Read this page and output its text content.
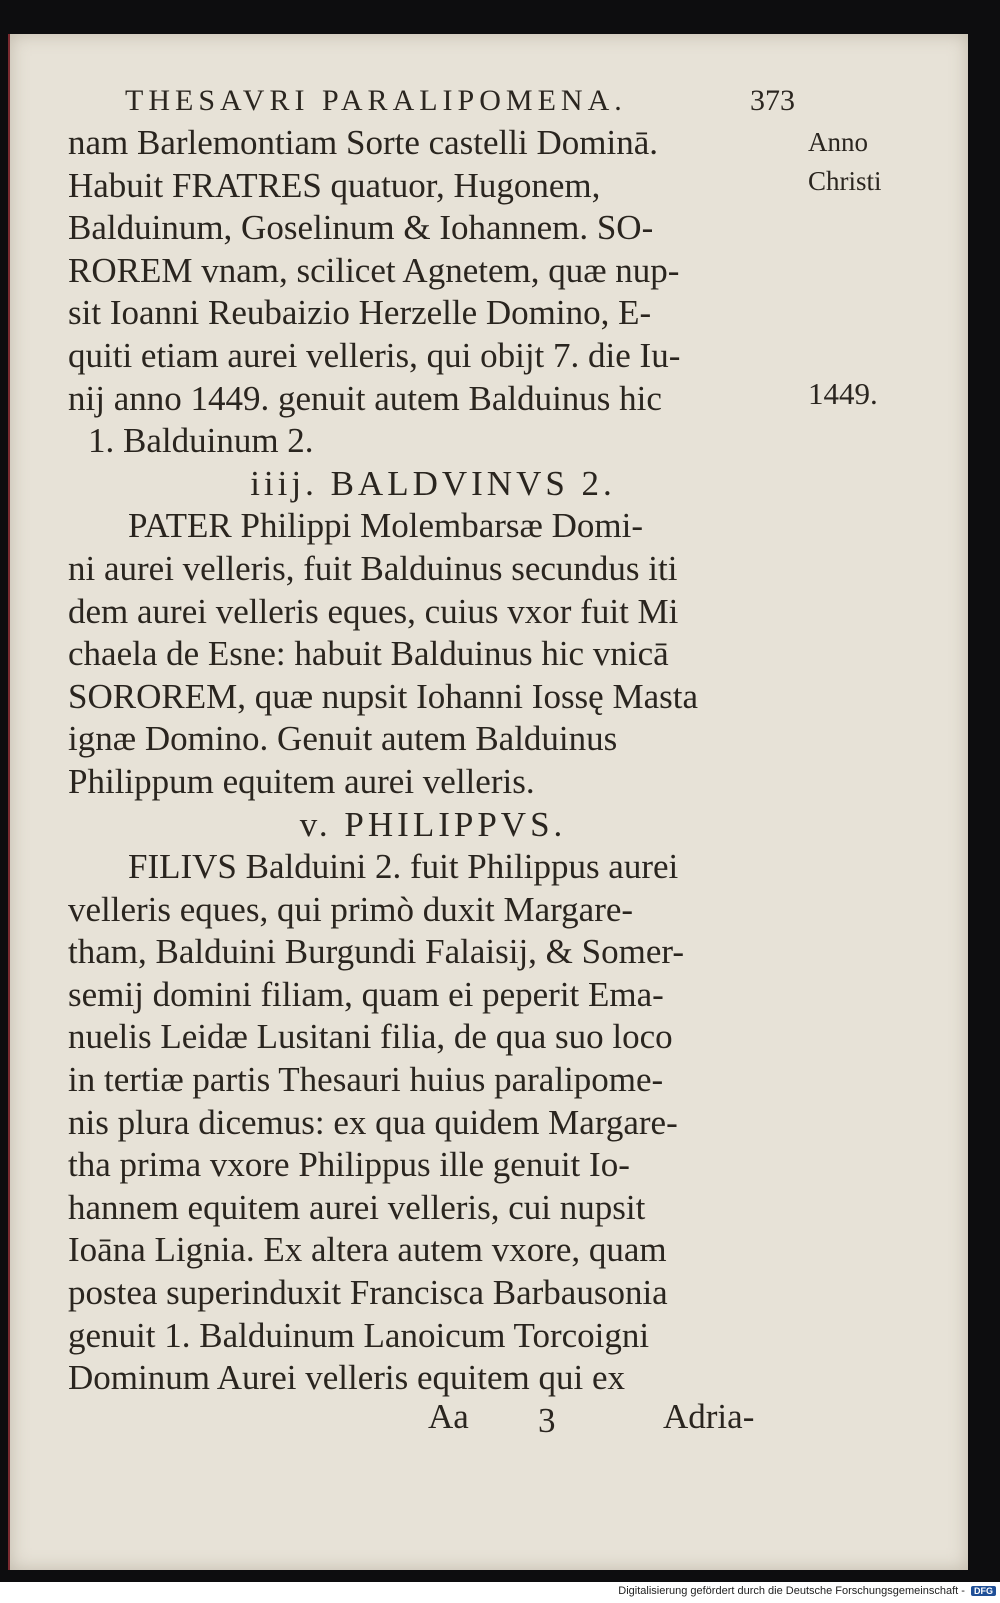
THESAVRI PARALIPOMENA.	373
Anno
Christi
1449.
nam Barlemontiam Sorte castelli Dominā.
Habuit FRATRES quatuor, Hugonem,
Balduinum, Goselinum & Iohannem. SO-
ROREM vnam, scilicet Agnetem, quæ nup-
sit Ioanni Reubaizio Herzelle Domino, E-
quiti etiam aurei velleris, qui obijt 7. die Iu-
nij anno 1449. genuit autem Balduinus hic
1. Balduinum 2.
iiij. BALDVINVS 2.
PATER Philippi Molembarsæ Domi-
ni aurei velleris, fuit Balduinus secundus iti
dem aurei velleris eques, cuius vxor fuit Mi
chaela de Esne: habuit Balduinus hic vnicā
SOROREM, quæ nupsit Iohanni Iossę Masta
ignæ Domino. Genuit autem Balduinus
Philippum equitem aurei velleris.
v. PHILIPPVS.
FILIVS Balduini 2. fuit Philippus aurei
velleris eques, qui primò duxit Margare-
tham, Balduini Burgundi Falaisij, & Somer-
semij domini filiam, quam ei peperit Ema-
nuelis Leidæ Lusitani filia, de qua suo loco
in tertiæ partis Thesauri huius paralipome-
nis plura dicemus: ex qua quidem Margare-
tha prima vxore Philippus ille genuit Io-
hannem equitem aurei velleris, cui nupsit
Ioāna Lignia. Ex altera autem vxore, quam
postea superinduxit Francisca Barbausonia
genuit 1. Balduinum Lanoicum Torcoigni
Dominum Aurei velleris equitem qui ex
Aa 3	Adria-
Digitalisierung gefördert durch die Deutsche Forschungsgemeinschaft - DFG
